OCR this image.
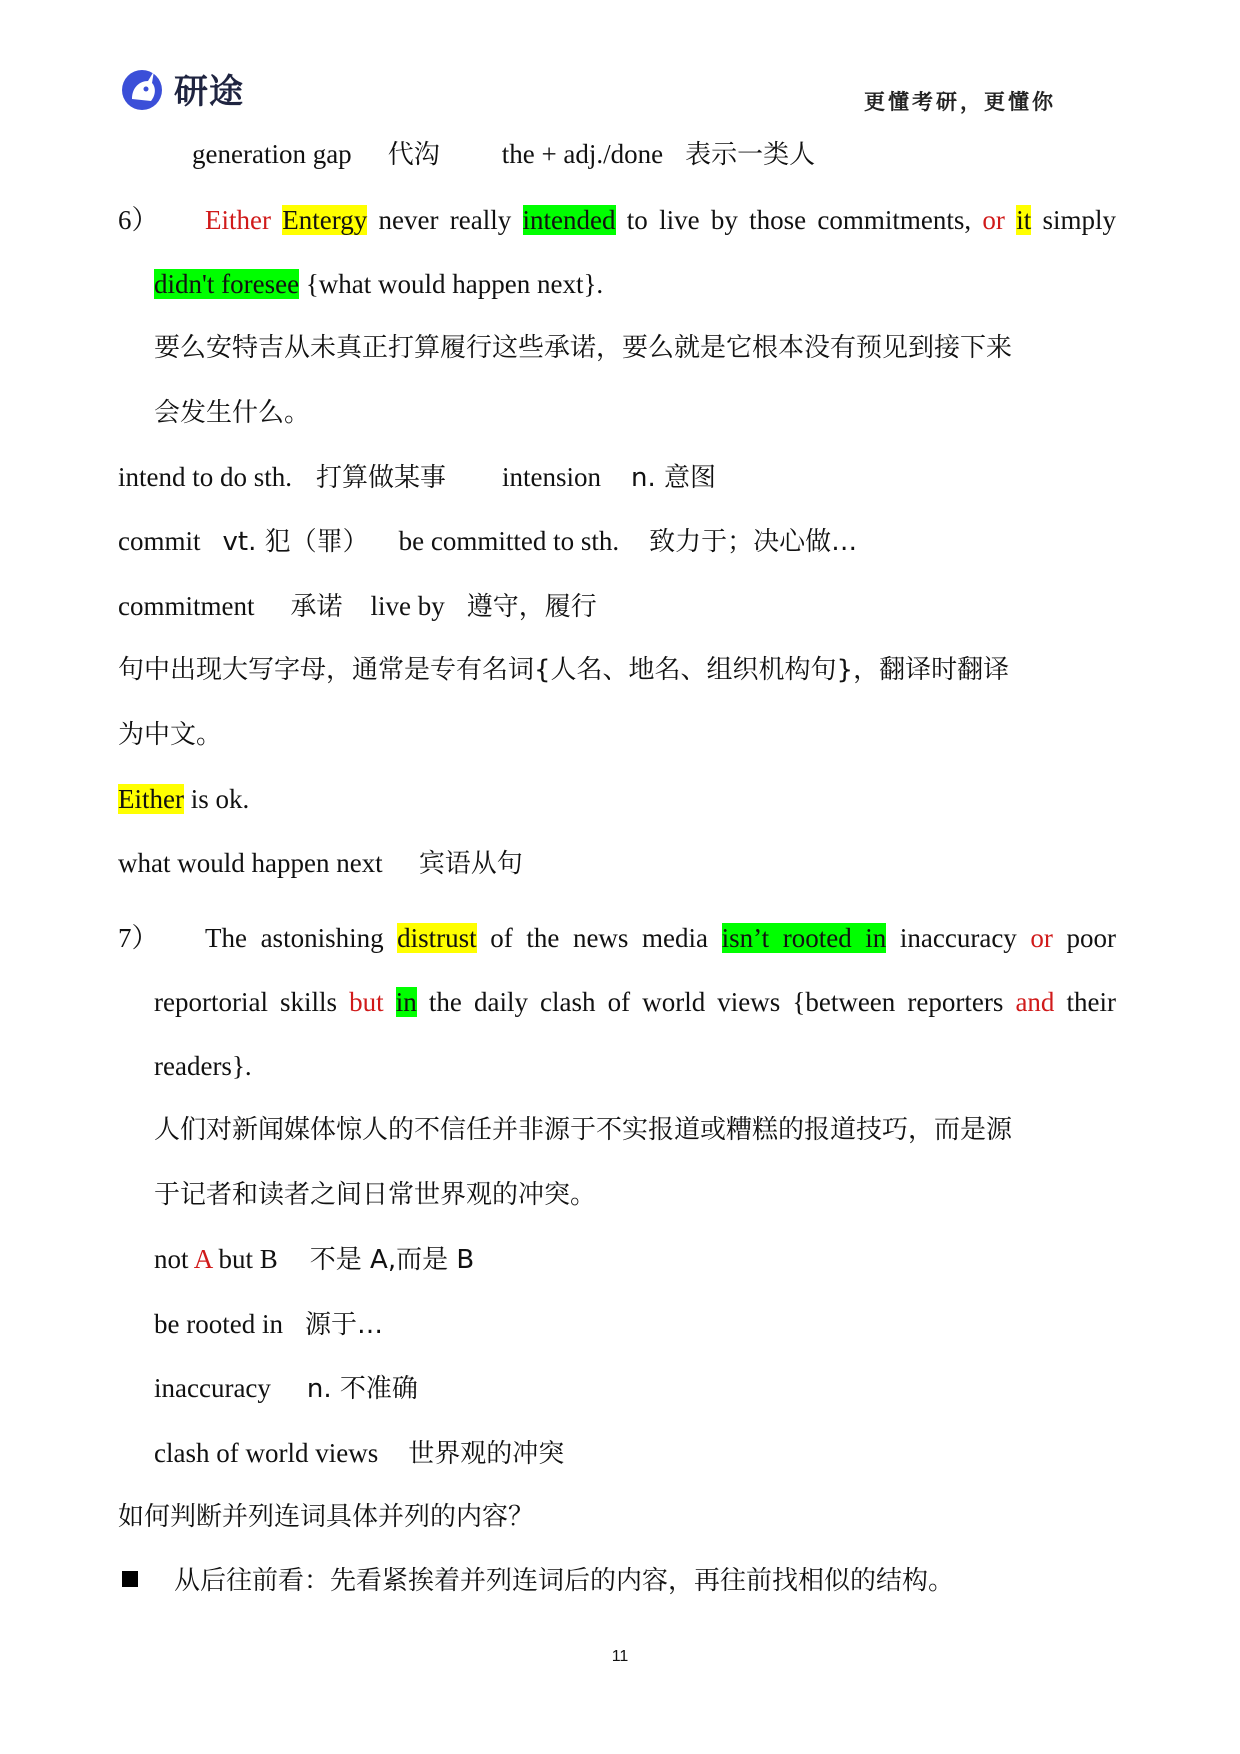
研途	更懂考研，更懂你
generation gap 代沟 the + adj./done 表示一类人
6） Either Entergy never really intended to live by those commitments, or it simply
didn't foresee {what would happen next}.
要么安特吉从未真正打算履行这些承诺，要么就是它根本没有预见到接下来
会发生什么。
intend to do sth. 打算做某事 intension n. 意图
commit vt. 犯（罪） be committed to sth. 致力于；决心做…
commitment 承诺 live by 遵守，履行
句中出现大写字母，通常是专有名词{人名、地名、组织机构句}，翻译时翻译
为中文。
Either is ok.
what would happen next 宾语从句
7） The astonishing distrust of the news media isn’t rooted in inaccuracy or poor
reportorial skills but in the daily clash of world views {between reporters and their
readers}.
人们对新闻媒体惊人的不信任并非源于不实报道或糟糕的报道技巧，而是源
于记者和读者之间日常世界观的冲突。
not A but B 不是 A,而是 B
be rooted in 源于…
inaccuracy n. 不准确
clash of world views 世界观的冲突
如何判断并列连词具体并列的内容？
从后往前看：先看紧挨着并列连词后的内容，再往前找相似的结构。
11
